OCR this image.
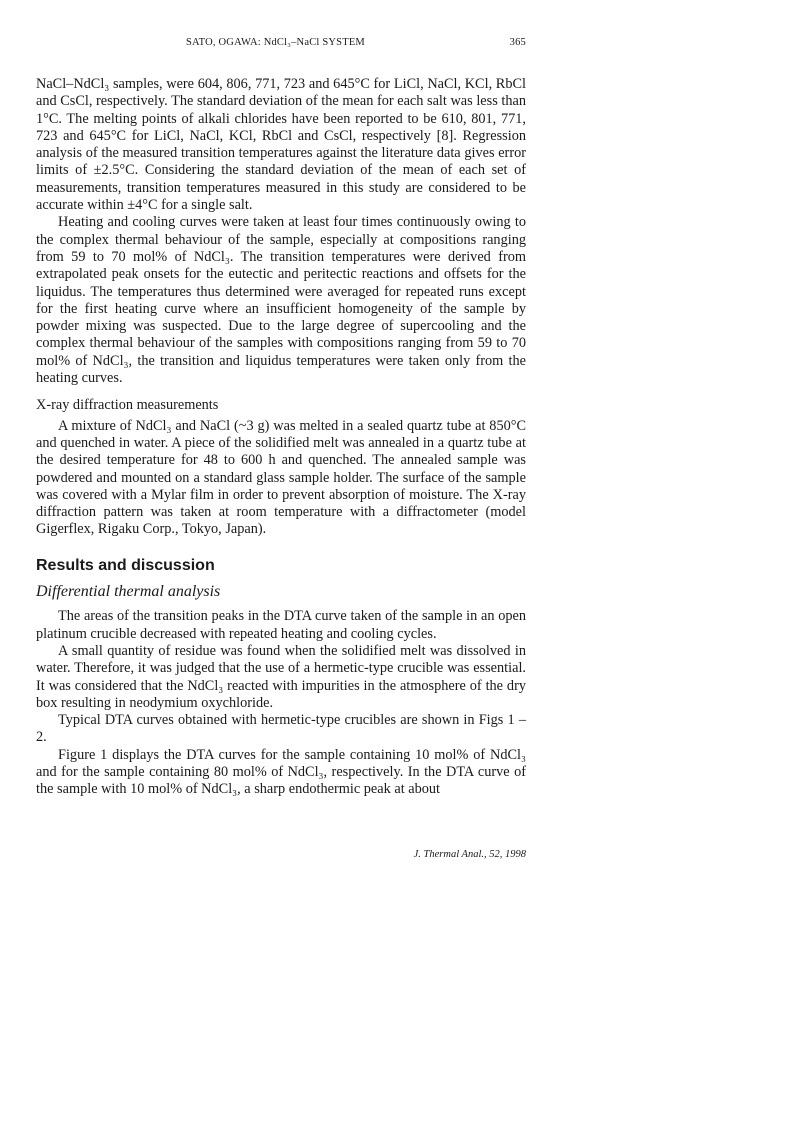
SATO, OGAWA: NdCl₃–NaCl SYSTEM	365

NaCl–NdCl₃ samples, were 604, 806, 771, 723 and 645°C for LiCl, NaCl, KCl, RbCl and CsCl, respectively. The standard deviation of the mean for each salt was less than 1°C. The melting points of alkali chlorides have been reported to be 610, 801, 771, 723 and 645°C for LiCl, NaCl, KCl, RbCl and CsCl, respectively [8]. Regression analysis of the measured transition temperatures against the literature data gives error limits of ±2.5°C. Considering the standard deviation of the mean of each set of measurements, transition temperatures measured in this study are considered to be accurate within ±4°C for a single salt.

Heating and cooling curves were taken at least four times continuously owing to the complex thermal behaviour of the sample, especially at compositions ranging from 59 to 70 mol% of NdCl₃. The transition temperatures were derived from extrapolated peak onsets for the eutectic and peritectic reactions and offsets for the liquidus. The temperatures thus determined were averaged for repeated runs except for the first heating curve where an insufficient homogeneity of the sample by powder mixing was suspected. Due to the large degree of supercooling and the complex thermal behaviour of the samples with compositions ranging from 59 to 70 mol% of NdCl₃, the transition and liquidus temperatures were taken only from the heating curves.

X-ray diffraction measurements

A mixture of NdCl₃ and NaCl (~3 g) was melted in a sealed quartz tube at 850°C and quenched in water. A piece of the solidified melt was annealed in a quartz tube at the desired temperature for 48 to 600 h and quenched. The annealed sample was powdered and mounted on a standard glass sample holder. The surface of the sample was covered with a Mylar film in order to prevent absorption of moisture. The X-ray diffraction pattern was taken at room temperature with a diffractometer (model Gigerflex, Rigaku Corp., Tokyo, Japan).

Results and discussion
Differential thermal analysis

The areas of the transition peaks in the DTA curve taken of the sample in an open platinum crucible decreased with repeated heating and cooling cycles.

A small quantity of residue was found when the solidified melt was dissolved in water. Therefore, it was judged that the use of a hermetic-type crucible was essential. It was considered that the NdCl₃ reacted with impurities in the atmosphere of the dry box resulting in neodymium oxychloride.

Typical DTA curves obtained with hermetic-type crucibles are shown in Figs 1 –2.

Figure 1 displays the DTA curves for the sample containing 10 mol% of NdCl₃ and for the sample containing 80 mol% of NdCl₃, respectively. In the DTA curve of the sample with 10 mol% of NdCl₃, a sharp endothermic peak at about

J. Thermal Anal., 52, 1998
